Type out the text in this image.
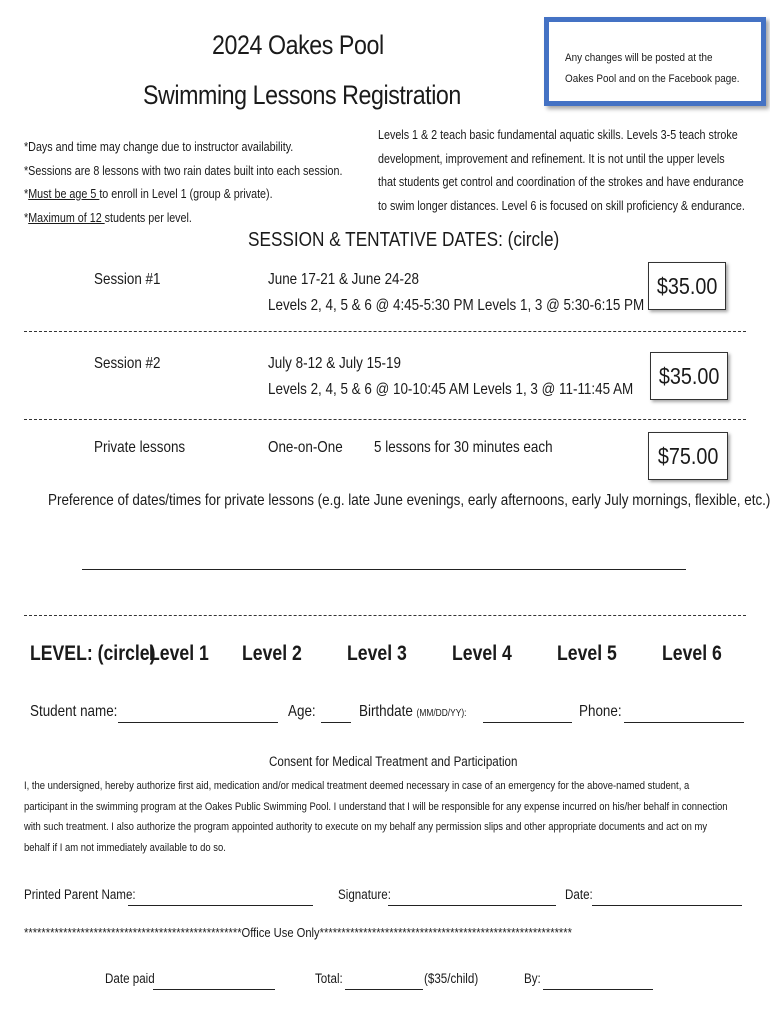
2024 Oakes Pool
Swimming Lessons Registration
Any changes will be posted at the
Oakes Pool and on the Facebook page.
*Days and time may change due to instructor availability.
*Sessions are 8 lessons with two rain dates built into each session.
*Must be age 5 to enroll in Level 1 (group & private).
*Maximum of 12 students per level.
Levels 1 & 2 teach basic fundamental aquatic skills. Levels 3-5 teach stroke
development, improvement and refinement. It is not until the upper levels
that students get control and coordination of the strokes and have endurance
to swim longer distances. Level 6 is focused on skill proficiency & endurance.
SESSION & TENTATIVE DATES: (circle)
Session #1	June 17-21 & June 24-28
Levels 2, 4, 5 & 6 @ 4:45-5:30 PM Levels 1, 3 @ 5:30-6:15 PM
$35.00
Session #2	July 8-12 & July 15-19
Levels 2, 4, 5 & 6 @ 10-10:45 AM Levels 1, 3 @ 11-11:45 AM
$35.00
Private lessons	One-on-One 5 lessons for 30 minutes each	$75.00
Preference of dates/times for private lessons (e.g. late June evenings, early afternoons, early July mornings, flexible, etc.)
LEVEL: (circle)
Level 1 Level 2 Level 3 Level 4 Level 5 Level 6
Student name:	Age:	Birthdate (MM/DD/YY):	Phone:
Consent for Medical Treatment and Participation
I, the undersigned, hereby authorize first aid, medication and/or medical treatment deemed necessary in case of an emergency for the above-named student, a participant in the swimming program at the Oakes Public Swimming Pool. I understand that I will be responsible for any expense incurred on his/her behalf in connection with such treatment. I also authorize the program appointed authority to execute on my behalf any permission slips and other appropriate documents and act on my behalf if I am not immediately available to do so.
Printed Parent Name:	Signature:	Date:
**************************************************Office Use Only**********************************************************
Date paid	Total:	($35/child)	By:
